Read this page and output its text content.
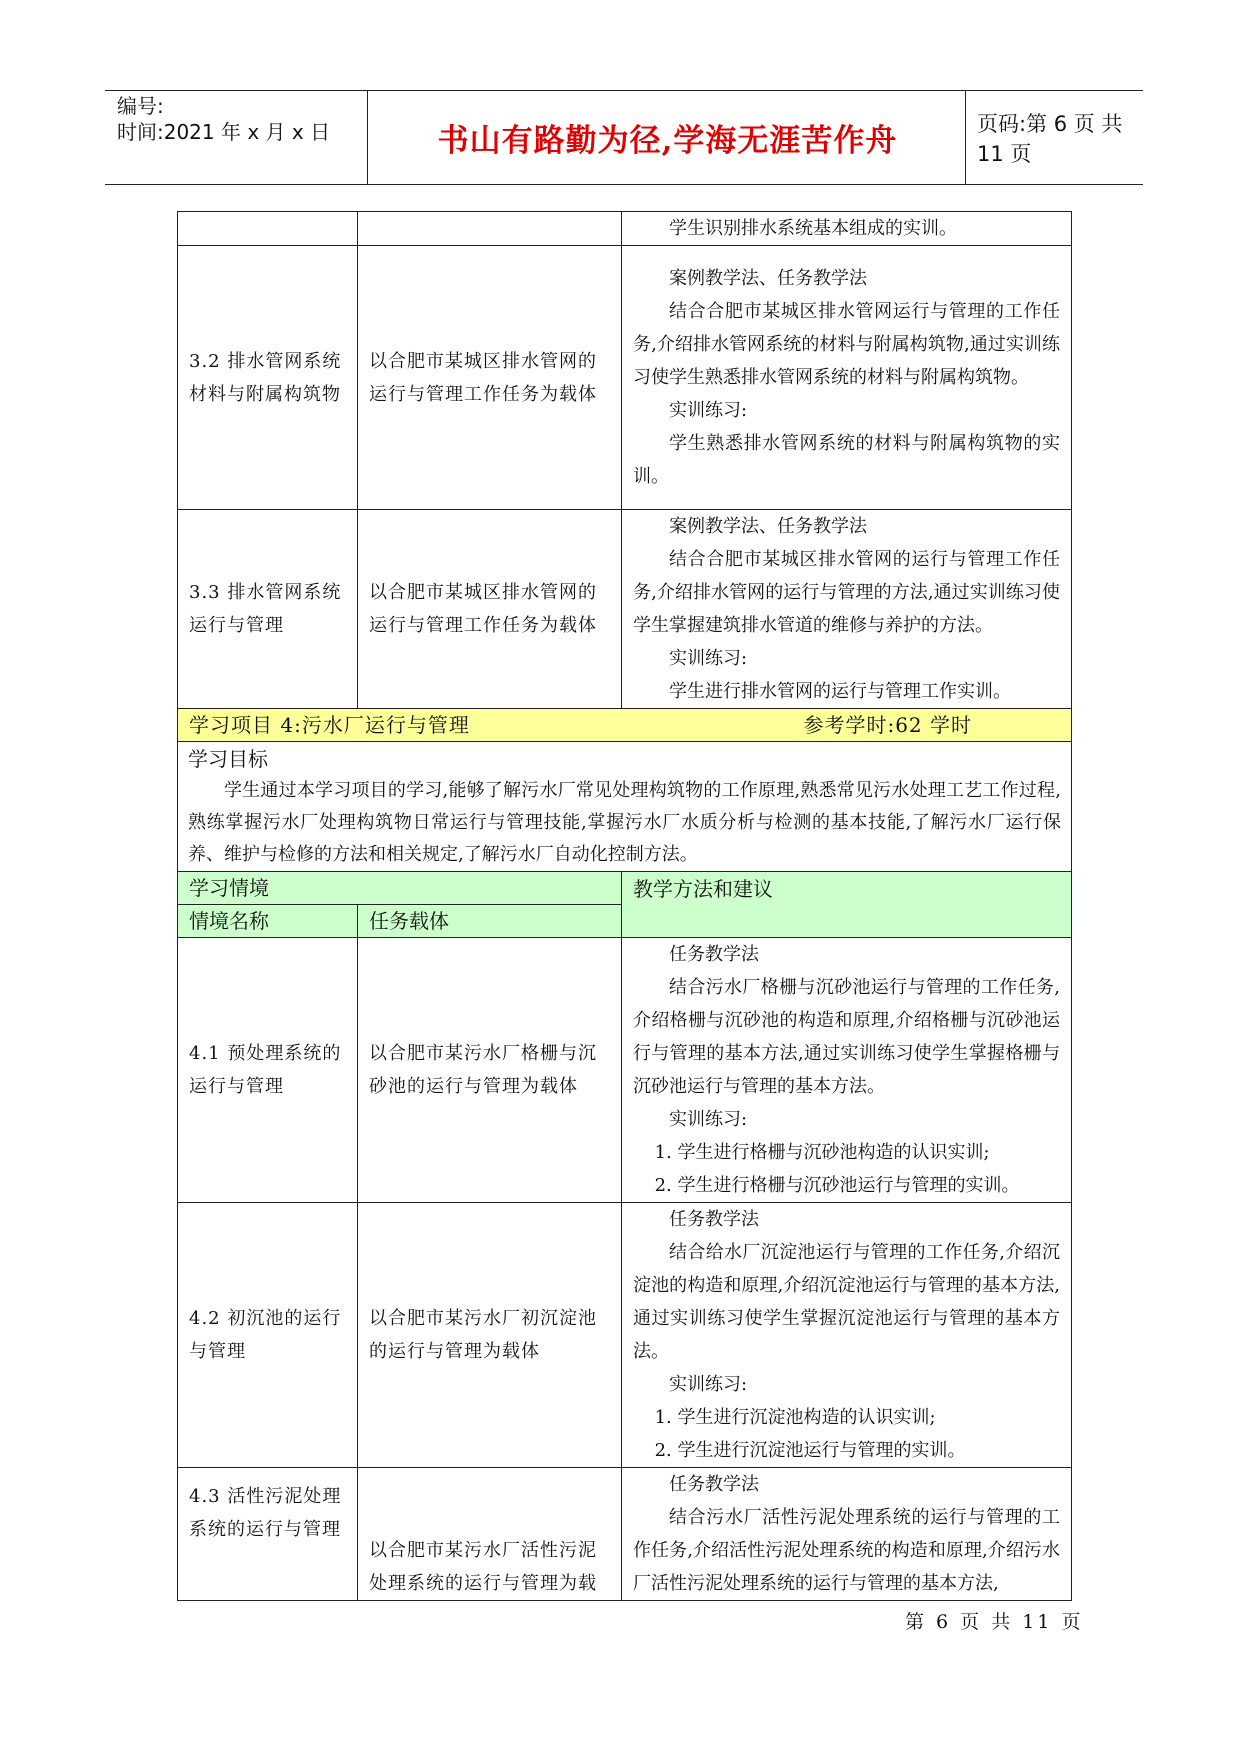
编号:
时间:2021 年 x 月 x 日	书山有路勤为径,学海无涯苦作舟	页码:第 6 页 共 11 页

		学生识别排水系统基本组成的实训。

3.2 排水管网系统材料与附属构筑物	以合肥市某城区排水管网的运行与管理工作任务为载体	案例教学法、任务教学法

结合合肥市某城区排水管网运行与管理的工作任务,介绍排水管网系统的材料与附属构筑物,通过实训练习使学生熟悉排水管网系统的材料与附属构筑物。

实训练习:

学生熟悉排水管网系统的材料与附属构筑物的实训。

3.3 排水管网系统运行与管理	以合肥市某城区排水管网的运行与管理工作任务为载体	案例教学法、任务教学法

结合合肥市某城区排水管网的运行与管理工作任务,介绍排水管网的运行与管理的方法,通过实训练习使学生掌握建筑排水管道的维修与养护的方法。

实训练习:

学生进行排水管网的运行与管理工作实训。

学习项目 4:污水厂运行与管理 参考学时:62 学时		

学习目标

学生通过本学习项目的学习,能够了解污水厂常见处理构筑物的工作原理,熟悉常见污水处理工艺工作过程,熟练掌握污水厂处理构筑物日常运行与管理技能,掌握污水厂水质分析与检测的基本技能,了解污水厂运行保养、维护与检修的方法和相关规定,了解污水厂自动化控制方法。		

学习情境		教学方法和建议
情境名称	任务载体	
4.1 预处理系统的运行与管理	以合肥市某污水厂格栅与沉砂池的运行与管理为载体	任务教学法

结合污水厂格栅与沉砂池运行与管理的工作任务,介绍格栅与沉砂池的构造和原理,介绍格栅与沉砂池运行与管理的基本方法,通过实训练习使学生掌握格栅与沉砂池运行与管理的基本方法。

实训练习:

1. 学生进行格栅与沉砂池构造的认识实训;

2. 学生进行格栅与沉砂池运行与管理的实训。

4.2 初沉池的运行与管理	以合肥市某污水厂初沉淀池的运行与管理为载体	任务教学法

结合给水厂沉淀池运行与管理的工作任务,介绍沉淀池的构造和原理,介绍沉淀池运行与管理的基本方法,通过实训练习使学生掌握沉淀池运行与管理的基本方法。

实训练习:

1. 学生进行沉淀池构造的认识实训;

2. 学生进行沉淀池运行与管理的实训。

4.3 活性污泥处理系统的运行与管理	以合肥市某污水厂活性污泥处理系统的运行与管理为载	任务教学法

结合污水厂活性污泥处理系统的运行与管理的工作任务,介绍活性污泥处理系统的构造和原理,介绍污水厂活性污泥处理系统的运行与管理的基本方法,

第 6 页 共 11 页
